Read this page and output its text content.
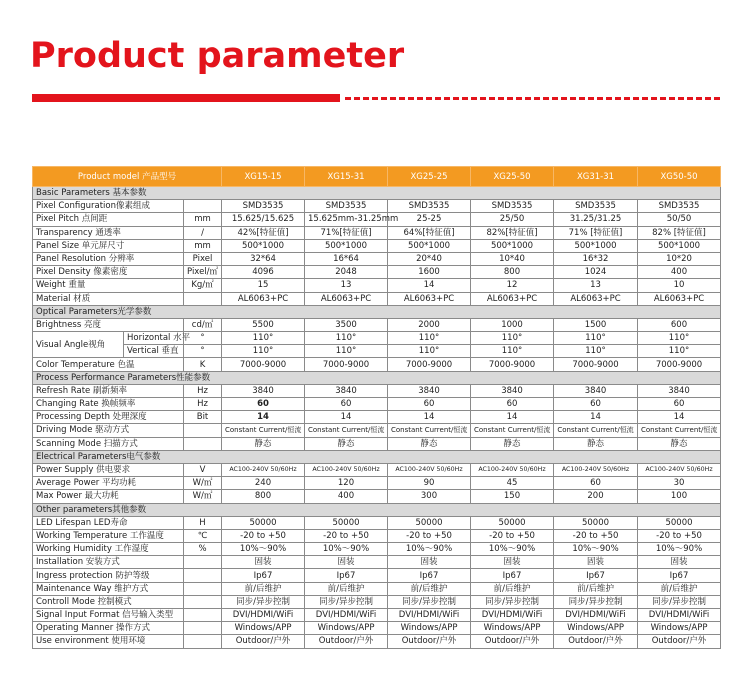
Product parameter
Product model 产品型号			XG15-15	XG15-31	XG25-25	XG25-50	XG31-31	XG50-50
Basic Parameters 基本参数								
Pixel Configuration像素组成			SMD3535	SMD3535	SMD3535	SMD3535	SMD3535	SMD3535
Pixel Pitch 点间距		mm	15.625/15.625	15.625mm-31.25mm	25-25	25/50	31.25/31.25	50/50
Transparency 通透率		/	42%[特征值]	71%[特征值]	64%[特征值]	82%[特征值]	71% [特征值]	82% [特征值]
Panel Size 单元屏尺寸		mm	500*1000	500*1000	500*1000	500*1000	500*1000	500*1000
Panel Resolution 分辨率		Pixel	32*64	16*64	20*40	10*40	16*32	10*20
Pixel Density 像素密度		Pixel/㎡	4096	2048	1600	800	1024	400
Weight 重量		Kg/㎡	15	13	14	12	13	10
Material 材质			AL6063+PC	AL6063+PC	AL6063+PC	AL6063+PC	AL6063+PC	AL6063+PC
Optical Parameters光学参数								
Brightness 亮度		cd/㎡	5500	3500	2000	1000	1500	600
Visual Angle视角	Horizontal 水平	°	110°	110°	110°	110°	110°	110°
	Vertical 垂直	°	110°	110°	110°	110°	110°	110°
Color Temperature 色温		K	7000-9000	7000-9000	7000-9000	7000-9000	7000-9000	7000-9000
Process Performance Parameters性能参数								
Refresh Rate 刷新频率		Hz	3840	3840	3840	3840	3840	3840
Changing Rate 换帧频率		Hz	60	60	60	60	60	60
Processing Depth 处理深度		Bit	14	14	14	14	14	14
Driving Mode 驱动方式			Constant Current/恒流	Constant Current/恒流	Constant Current/恒流	Constant Current/恒流	Constant Current/恒流	Constant Current/恒流
Scanning Mode 扫描方式			静态	静态	静态	静态	静态	静态
Electrical Parameters电气参数								
Power Supply 供电要求		V	AC100-240V 50/60Hz	AC100-240V 50/60Hz	AC100-240V 50/60Hz	AC100-240V 50/60Hz	AC100-240V 50/60Hz	AC100-240V 50/60Hz
Average Power 平均功耗		W/㎡	240	120	90	45	60	30
Max Power 最大功耗		W/㎡	800	400	300	150	200	100
Other parameters其他参数								
LED Lifespan LED寿命		H	50000	50000	50000	50000	50000	50000
Working Temperature 工作温度		℃	-20 to +50	-20 to +50	-20 to +50	-20 to +50	-20 to +50	-20 to +50
Working Humidity 工作湿度		%	10%～90%	10%～90%	10%～90%	10%～90%	10%～90%	10%～90%
Installation 安装方式			固装	固装	固装	固装	固装	固装
Ingress protection 防护等级			Ip67	Ip67	Ip67	Ip67	Ip67	Ip67
Maintenance Way 维护方式			前/后维护	前/后维护	前/后维护	前/后维护	前/后维护	前/后维护
Controll Mode 控制模式			同步/异步控制	同步/异步控制	同步/异步控制	同步/异步控制	同步/异步控制	同步/异步控制
Signal Input Format 信号输入类型			DVI/HDMI/WiFi	DVI/HDMI/WiFi	DVI/HDMI/WiFi	DVI/HDMI/WiFi	DVI/HDMI/WiFi	DVI/HDMI/WiFi
Operating Manner 操作方式			Windows/APP	Windows/APP	Windows/APP	Windows/APP	Windows/APP	Windows/APP
Use environment 使用环境			Outdoor/户外	Outdoor/户外	Outdoor/户外	Outdoor/户外	Outdoor/户外	Outdoor/户外
